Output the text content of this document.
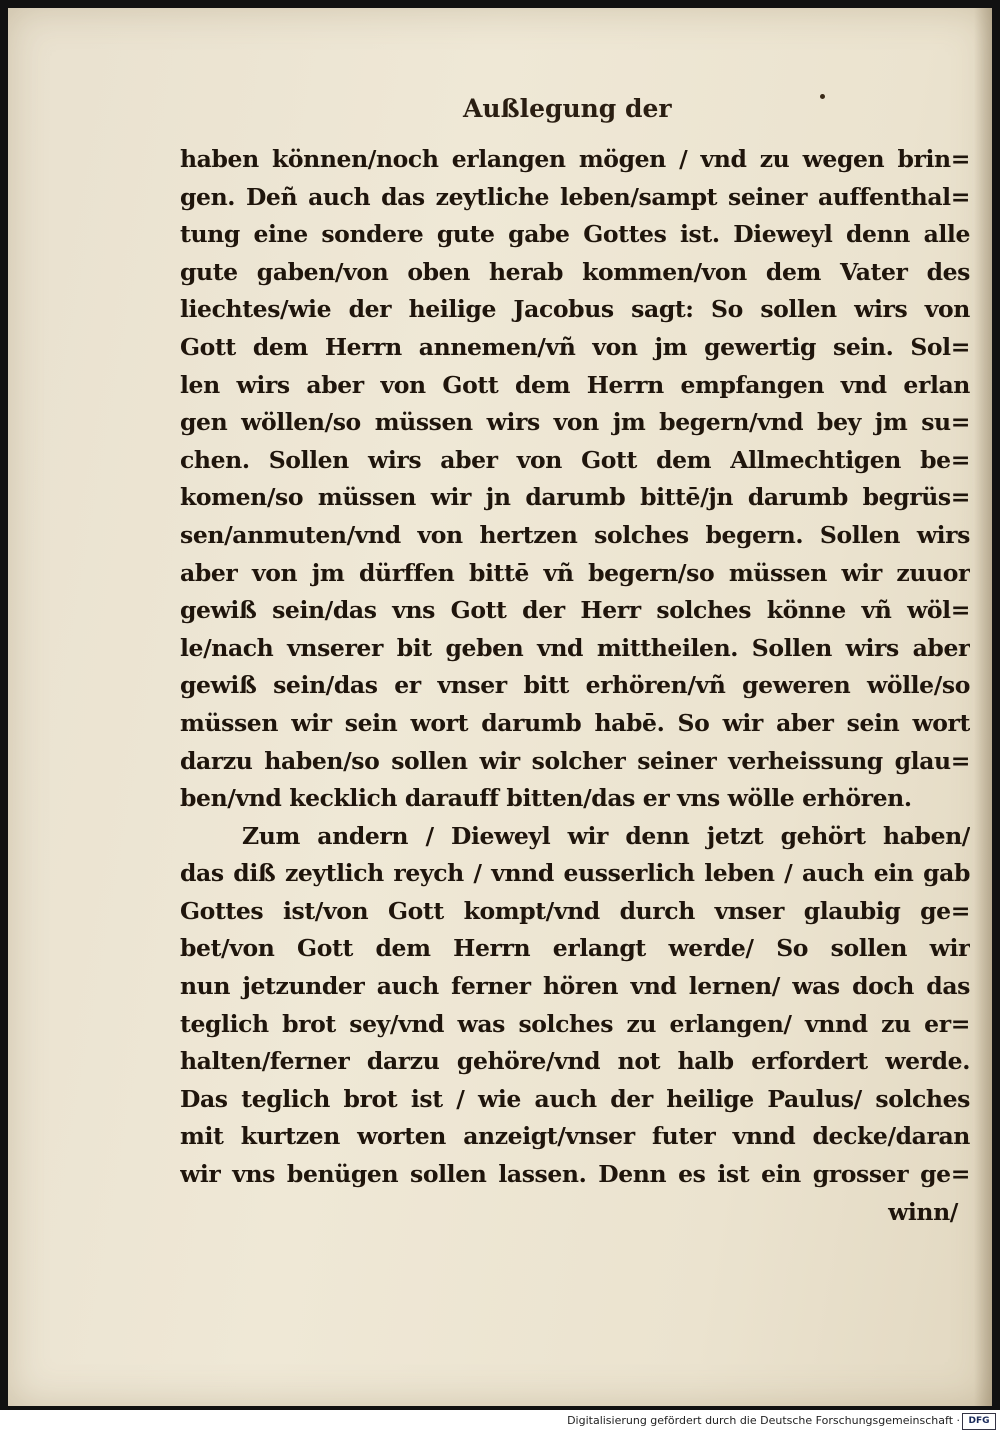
Außlegung der
haben können/noch erlangen mögen / vnd zu wegen brin=
gen. Deñ auch das zeytliche leben/sampt seiner auffenthal=
tung eine sondere gute gabe Gottes ist. Dieweyl denn alle
gute gaben/von oben herab kommen/von dem Vater des
liechtes/wie der heilige Jacobus sagt: So sollen wirs von
Gott dem Herrn annemen/vñ von jm gewertig sein. Sol=
len wirs aber von Gott dem Herrn empfangen vnd erlan
gen wöllen/so müssen wirs von jm begern/vnd bey jm su=
chen. Sollen wirs aber von Gott dem Allmechtigen be=
komen/so müssen wir jn darumb bittē/jn darumb begrüs=
sen/anmuten/vnd von hertzen solches begern. Sollen wirs
aber von jm dürffen bittē vñ begern/so müssen wir zuuor
gewiß sein/das vns Gott der Herr solches könne vñ wöl=
le/nach vnserer bit geben vnd mittheilen. Sollen wirs aber
gewiß sein/das er vnser bitt erhören/vñ geweren wölle/so
müssen wir sein wort darumb habē. So wir aber sein wort
darzu haben/so sollen wir solcher seiner verheissung glau=
ben/vnd kecklich darauff bitten/das er vns wölle erhören.
Zum andern / Dieweyl wir denn jetzt gehört haben/
das diß zeytlich reych / vnnd eusserlich leben / auch ein gab
Gottes ist/von Gott kompt/vnd durch vnser glaubig ge=
bet/von Gott dem Herrn erlangt werde/ So sollen wir
nun jetzunder auch ferner hören vnd lernen/ was doch das
teglich brot sey/vnd was solches zu erlangen/ vnnd zu er=
halten/ferner darzu gehöre/vnd not halb erfordert werde.
Das teglich brot ist / wie auch der heilige Paulus/ solches
mit kurtzen worten anzeigt/vnser futer vnnd decke/daran
wir vns benügen sollen lassen. Denn es ist ein grosser ge=
winn/
Digitalisierung gefördert durch die Deutsche Forschungsgemeinschaft · DFG
